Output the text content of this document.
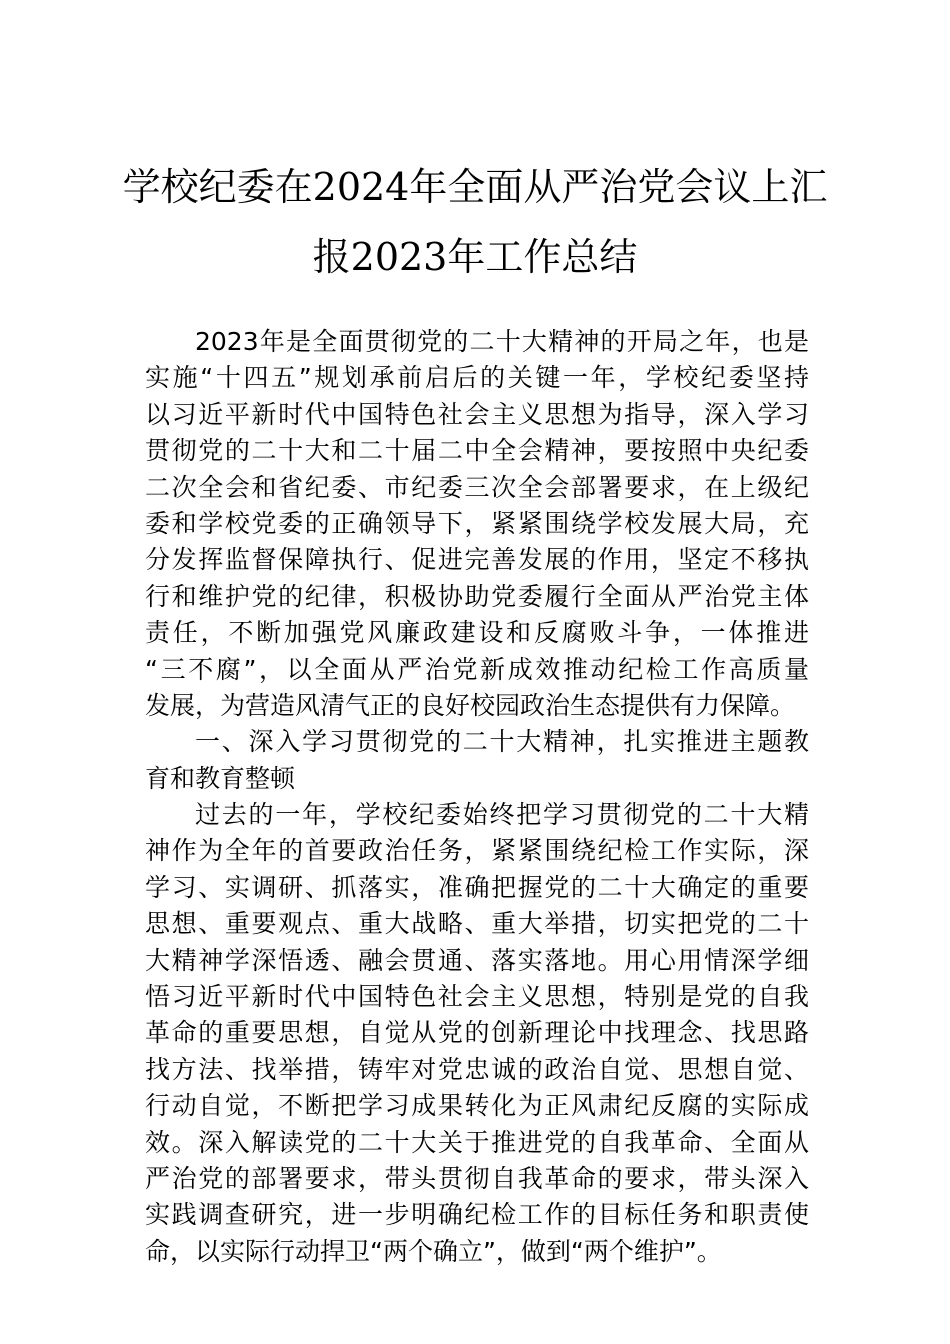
学校纪委在2024年全面从严治党会议上汇
报2023年工作总结
2023年是全面贯彻党的二十大精神的开局之年，也是
实施“十四五”规划承前启后的关键一年，学校纪委坚持
以习近平新时代中国特色社会主义思想为指导，深入学习
贯彻党的二十大和二十届二中全会精神，要按照中央纪委
二次全会和省纪委、市纪委三次全会部署要求，在上级纪
委和学校党委的正确领导下，紧紧围绕学校发展大局，充
分发挥监督保障执行、促进完善发展的作用，坚定不移执
行和维护党的纪律，积极协助党委履行全面从严治党主体
责任，不断加强党风廉政建设和反腐败斗争，一体推进
“三不腐”，以全面从严治党新成效推动纪检工作高质量
发展，为营造风清气正的良好校园政治生态提供有力保障。
一、深入学习贯彻党的二十大精神，扎实推进主题教
育和教育整顿
过去的一年，学校纪委始终把学习贯彻党的二十大精
神作为全年的首要政治任务，紧紧围绕纪检工作实际，深
学习、实调研、抓落实，准确把握党的二十大确定的重要
思想、重要观点、重大战略、重大举措，切实把党的二十
大精神学深悟透、融会贯通、落实落地。用心用情深学细
悟习近平新时代中国特色社会主义思想，特别是党的自我
革命的重要思想，自觉从党的创新理论中找理念、找思路
找方法、找举措，铸牢对党忠诚的政治自觉、思想自觉、
行动自觉，不断把学习成果转化为正风肃纪反腐的实际成
效。深入解读党的二十大关于推进党的自我革命、全面从
严治党的部署要求，带头贯彻自我革命的要求，带头深入
实践调查研究，进一步明确纪检工作的目标任务和职责使
命，以实际行动捍卫“两个确立”，做到“两个维护”。
